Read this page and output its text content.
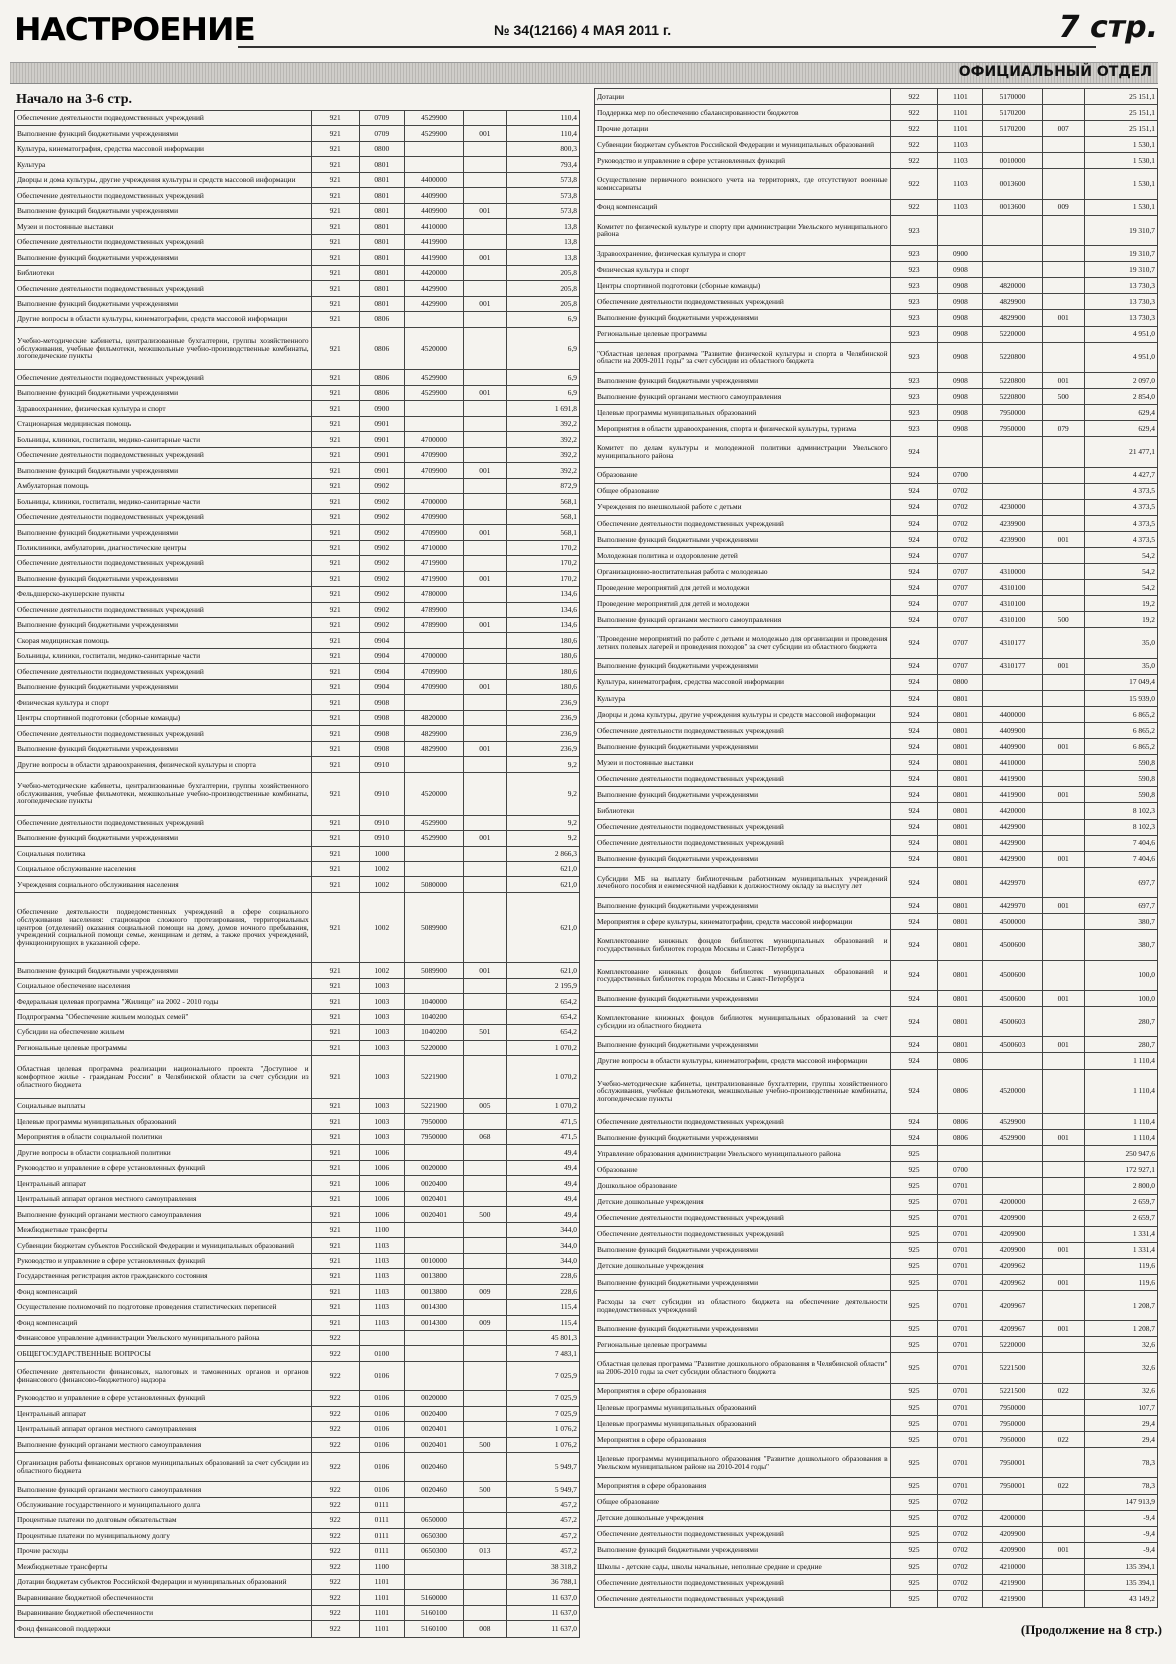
НАСТРОЕНИЕ	№ 34(12166) 4 МАЯ 2011 г.	7 стр.
ОФИЦИАЛЬНЫЙ ОТДЕЛ
Начало на 3-6 стр.
Обеспечение деятельности подведомственных учреждений	921	0709	4529900		110,4
Выполнение функций бюджетными учреждениями	921	0709	4529900	001	110,4
Культура, кинематография, средства массовой информации	921	0800			800,3
Культура	921	0801			793,4
Дворцы и дома культуры, другие учреждения культуры и средств массовой информации	921	0801	4400000		573,8
Обеспечение деятельности подведомственных учреждений	921	0801	4409900		573,8
Выполнение функций бюджетными учреждениями	921	0801	4409900	001	573,8
Музеи и постоянные выставки	921	0801	4410000		13,8
Обеспечение деятельности подведомственных учреждений	921	0801	4419900		13,8
Выполнение функций бюджетными учреждениями	921	0801	4419900	001	13,8
Библиотеки	921	0801	4420000		205,8
Обеспечение деятельности подведомственных учреждений	921	0801	4429900		205,8
Выполнение функций бюджетными учреждениями	921	0801	4429900	001	205,8
Другие вопросы в области культуры, кинематографии, средств массовой информации	921	0806			6,9
Учебно-методические кабинеты, централизованные бухгалтерии, группы хозяйственного обслуживания, учебные фильмотеки, межшкольные учебно-производственные комбинаты, логопедические пункты	921	0806	4520000		6,9
Обеспечение деятельности подведомственных учреждений	921	0806	4529900		6,9
Выполнение функций бюджетными учреждениями	921	0806	4529900	001	6,9
Здравоохранение, физическая культура и спорт	921	0900			1 691,8
Стационарная медицинская помощь	921	0901			392,2
Больницы, клиники, госпитали, медико-санитарные части	921	0901	4700000		392,2
Обеспечение деятельности подведомственных учреждений	921	0901	4709900		392,2
Выполнение функций бюджетными учреждениями	921	0901	4709900	001	392,2
Амбулаторная помощь	921	0902			872,9
Больницы, клиники, госпитали, медико-санитарные части	921	0902	4700000		568,1
Обеспечение деятельности подведомственных учреждений	921	0902	4709900		568,1
Выполнение функций бюджетными учреждениями	921	0902	4709900	001	568,1
Поликлиники, амбулатории, диагностические центры	921	0902	4710000		170,2
Обеспечение деятельности подведомственных учреждений	921	0902	4719900		170,2
Выполнение функций бюджетными учреждениями	921	0902	4719900	001	170,2
Фельдшерско-акушерские пункты	921	0902	4780000		134,6
Обеспечение деятельности подведомственных учреждений	921	0902	4789900		134,6
Выполнение функций бюджетными учреждениями	921	0902	4789900	001	134,6
Скорая медицинская помощь	921	0904			180,6
Больницы, клиники, госпитали, медико-санитарные части	921	0904	4700000		180,6
Обеспечение деятельности подведомственных учреждений	921	0904	4709900		180,6
Выполнение функций бюджетными учреждениями	921	0904	4709900	001	180,6
Физическая культура и спорт	921	0908			236,9
Центры спортивной подготовки (сборные команды)	921	0908	4820000		236,9
Обеспечение деятельности подведомственных учреждений	921	0908	4829900		236,9
Выполнение функций бюджетными учреждениями	921	0908	4829900	001	236,9
Другие вопросы в области здравоохранения, физической культуры и спорта	921	0910			9,2
Учебно-методические кабинеты, централизованные бухгалтерии, группы хозяйственного обслуживания, учебные фильмотеки, межшкольные учебно-производственные комбинаты, логопедические пункты	921	0910	4520000		9,2
Обеспечение деятельности подведомственных учреждений	921	0910	4529900		9,2
Выполнение функций бюджетными учреждениями	921	0910	4529900	001	9,2
Социальная политика	921	1000			2 866,3
Социальное обслуживание населения	921	1002			621,0
Учреждения социального обслуживания населения	921	1002	5080000		621,0
Обеспечение деятельности подведомственных учреждений в сфере социального обслуживания населения: стационаров сложного протезирования, территориальных центров (отделений) оказания социальной помощи на дому, домов ночного пребывания, учреждений социальной помощи семье, женщинам и детям, а также прочих учреждений, функционирующих в указанной сфере.	921	1002	5089900		621,0
Выполнение функций бюджетными учреждениями	921	1002	5089900	001	621,0
Социальное обеспечение населения	921	1003			2 195,9
Федеральная целевая программа "Жилище" на 2002 - 2010 годы	921	1003	1040000		654,2
Подпрограмма "Обеспечение жильем молодых семей"	921	1003	1040200		654,2
Субсидии на обеспечение жильем	921	1003	1040200	501	654,2
Региональные целевые программы	921	1003	5220000		1 070,2
Областная целевая программа реализации национального проекта "Доступное и комфортное жилье - гражданам России" в Челябинской области за счет субсидии из областного бюджета	921	1003	5221900		1 070,2
Социальные выплаты	921	1003	5221900	005	1 070,2
Целевые программы муниципальных образований	921	1003	7950000		471,5
Мероприятия в области социальной политики	921	1003	7950000	068	471,5
Другие вопросы в области социальной политики	921	1006			49,4
Руководство и управление в сфере установленных функций	921	1006	0020000		49,4
Центральный аппарат	921	1006	0020400		49,4
Центральный аппарат органов местного самоуправления	921	1006	0020401		49,4
Выполнение функций органами местного самоуправления	921	1006	0020401	500	49,4
Межбюджетные трансферты	921	1100			344,0
Субвенции бюджетам субъектов Российской Федерации и муниципальных образований	921	1103			344,0
Руководство и управление в сфере установленных функций	921	1103	0010000		344,0
Государственная регистрация актов гражданского состояния	921	1103	0013800		228,6
Фонд компенсаций	921	1103	0013800	009	228,6
Осуществление полномочий по подготовке проведения статистических переписей	921	1103	0014300		115,4
Фонд компенсаций	921	1103	0014300	009	115,4
Финансовое управление администрации Увельского муниципального района	922				45 801,3
ОБЩЕГОСУДАРСТВЕННЫЕ ВОПРОСЫ	922	0100			7 483,1
Обеспечение деятельности финансовых, налоговых и таможенных органов и органов финансового (финансово-бюджетного) надзора	922	0106			7 025,9
Руководство и управление в сфере установленных функций	922	0106	0020000		7 025,9
Центральный аппарат	922	0106	0020400		7 025,9
Центральный аппарат органов местного самоуправления	922	0106	0020401		1 076,2
Выполнение функций органами местного самоуправления	922	0106	0020401	500	1 076,2
Организация работы финансовых органов муниципальных образований за счет субсидии из областного бюджета	922	0106	0020460		5 949,7
Выполнение функций органами местного самоуправления	922	0106	0020460	500	5 949,7
Обслуживание государственного и муниципального долга	922	0111			457,2
Процентные платежи по долговым обязательствам	922	0111	0650000		457,2
Процентные платежи по муниципальному долгу	922	0111	0650300		457,2
Прочие расходы	922	0111	0650300	013	457,2
Межбюджетные трансферты	922	1100			38 318,2
Дотации бюджетам субъектов Российской Федерации и муниципальных образований	922	1101			36 788,1
Выравнивание бюджетной обеспеченности	922	1101	5160000		11 637,0
Выравнивание бюджетной обеспеченности	922	1101	5160100		11 637,0
Фонд финансовой поддержки	922	1101	5160100	008	11 637,0
Дотации	922	1101	5170000		25 151,1
Поддержка мер по обеспечению сбалансированности бюджетов	922	1101	5170200		25 151,1
Прочие дотации	922	1101	5170200	007	25 151,1
Субвенции бюджетам субъектов Российской Федерации и муниципальных образований	922	1103			1 530,1
Руководство и управление в сфере установленных функций	922	1103	0010000		1 530,1
Осуществление первичного воинского учета на территориях, где отсутствуют военные комиссариаты	922	1103	0013600		1 530,1
Фонд компенсаций	922	1103	0013600	009	1 530,1
Комитет по физической культуре и спорту при администрации Увельского муниципального района	923				19 310,7
Здравоохранение, физическая культура и спорт	923	0900			19 310,7
Физическая культура и спорт	923	0908			19 310,7
Центры спортивной подготовки (сборные команды)	923	0908	4820000		13 730,3
Обеспечение деятельности подведомственных учреждений	923	0908	4829900		13 730,3
Выполнение функций бюджетными учреждениями	923	0908	4829900	001	13 730,3
Региональные целевые программы	923	0908	5220000		4 951,0
"Областная целевая программа "Развитие физической культуры и спорта в Челябинской области на 2009-2011 годы" за счет субсидии из областного бюджета	923	0908	5220800		4 951,0
Выполнение функций бюджетными учреждениями	923	0908	5220800	001	2 097,0
Выполнение функций органами местного самоуправления	923	0908	5220800	500	2 854,0
Целевые программы муниципальных образований	923	0908	7950000		629,4
Мероприятия в области здравоохранения, спорта и физической культуры, туризма	923	0908	7950000	079	629,4
Комитет по делам культуры и молодежной политики администрации Увельского муниципального района	924				21 477,1
Образование	924	0700			4 427,7
Общее образование	924	0702			4 373,5
Учреждения по внешкольной работе с детьми	924	0702	4230000		4 373,5
Обеспечение деятельности подведомственных учреждений	924	0702	4239900		4 373,5
Выполнение функций бюджетными учреждениями	924	0702	4239900	001	4 373,5
Молодежная политика и оздоровление детей	924	0707			54,2
Организационно-воспитательная работа с молодежью	924	0707	4310000		54,2
Проведение мероприятий для детей и молодежи	924	0707	4310100		54,2
Проведение мероприятий для детей и молодежи	924	0707	4310100		19,2
Выполнение функций органами местного самоуправления	924	0707	4310100	500	19,2
"Проведение мероприятий по работе с детьми и молодежью для организации и проведения летних полевых лагерей и проведения походов" за счет субсидии из областного бюджета	924	0707	4310177		35,0
Выполнение функций бюджетными учреждениями	924	0707	4310177	001	35,0
Культура, кинематография, средства массовой информации	924	0800			17 049,4
Культура	924	0801			15 939,0
Дворцы и дома культуры, другие учреждения культуры и средств массовой информации	924	0801	4400000		6 865,2
Обеспечение деятельности подведомственных учреждений	924	0801	4409900		6 865,2
Выполнение функций бюджетными учреждениями	924	0801	4409900	001	6 865,2
Музеи и постоянные выставки	924	0801	4410000		590,8
Обеспечение деятельности подведомственных учреждений	924	0801	4419900		590,8
Выполнение функций бюджетными учреждениями	924	0801	4419900	001	590,8
Библиотеки	924	0801	4420000		8 102,3
Обеспечение деятельности подведомственных учреждений	924	0801	4429900		8 102,3
Обеспечение деятельности подведомственных учреждений	924	0801	4429900		7 404,6
Выполнение функций бюджетными учреждениями	924	0801	4429900	001	7 404,6
Субсидии МБ на выплату библиотечным работникам муниципальных учреждений лечебного пособия и ежемесячной надбавки к должностному окладу за выслугу лет	924	0801	4429970		697,7
Выполнение функций бюджетными учреждениями	924	0801	4429970	001	697,7
Мероприятия в сфере культуры, кинематографии, средств массовой информации	924	0801	4500000		380,7
Комплектование книжных фондов библиотек муниципальных образований и государственных библиотек городов Москвы и Санкт-Петербурга	924	0801	4500600		380,7
Комплектование книжных фондов библиотек муниципальных образований и государственных библиотек городов Москвы и Санкт-Петербурга	924	0801	4500600		100,0
Выполнение функций бюджетными учреждениями	924	0801	4500600	001	100,0
Комплектование книжных фондов библиотек муниципальных образований за счет субсидии из областного бюджета	924	0801	4500603		280,7
Выполнение функций бюджетными учреждениями	924	0801	4500603	001	280,7
Другие вопросы в области культуры, кинематографии, средств массовой информации	924	0806			1 110,4
Учебно-методические кабинеты, централизованные бухгалтерии, группы хозяйственного обслуживания, учебные фильмотеки, межшкольные учебно-производственные комбинаты, логопедические пункты	924	0806	4520000		1 110,4
Обеспечение деятельности подведомственных учреждений	924	0806	4529900		1 110,4
Выполнение функций бюджетными учреждениями	924	0806	4529900	001	1 110,4
Управление образования администрации Увельского муниципального района	925				250 947,6
Образование	925	0700			172 927,1
Дошкольное образование	925	0701			2 800,0
Детские дошкольные учреждения	925	0701	4200000		2 659,7
Обеспечение деятельности подведомственных учреждений	925	0701	4209900		2 659,7
Обеспечение деятельности подведомственных учреждений	925	0701	4209900		1 331,4
Выполнение функций бюджетными учреждениями	925	0701	4209900	001	1 331,4
Детские дошкольные учреждения	925	0701	4209962		119,6
Выполнение функций бюджетными учреждениями	925	0701	4209962	001	119,6
Расходы за счет субсидии из областного бюджета на обеспечение деятельности подведомственных учреждений	925	0701	4209967		1 208,7
Выполнение функций бюджетными учреждениями	925	0701	4209967	001	1 208,7
Региональные целевые программы	925	0701	5220000		32,6
Областная целевая программа "Развитие дошкольного образования в Челябинской области" на 2006-2010 годы за счет субсидии областного бюджета	925	0701	5221500		32,6
Мероприятия в сфере образования	925	0701	5221500	022	32,6
Целевые программы муниципальных образований	925	0701	7950000		107,7
Целевые программы муниципальных образований	925	0701	7950000		29,4
Мероприятия в сфере образования	925	0701	7950000	022	29,4
Целевые программы муниципального образования "Развитие дошкольного образования в Увельском муниципальном районе на 2010-2014 годы"	925	0701	7950001		78,3
Мероприятия в сфере образования	925	0701	7950001	022	78,3
Общее образование	925	0702			147 913,9
Детские дошкольные учреждения	925	0702	4200000		-9,4
Обеспечение деятельности подведомственных учреждений	925	0702	4209900		-9,4
Выполнение функций бюджетными учреждениями	925	0702	4209900	001	-9,4
Школы - детские сады, школы начальные, неполные средние и средние	925	0702	4210000		135 394,1
Обеспечение деятельности подведомственных учреждений	925	0702	4219900		135 394,1
Обеспечение деятельности подведомственных учреждений	925	0702	4219900		43 149,2
(Продолжение на 8 стр.)
